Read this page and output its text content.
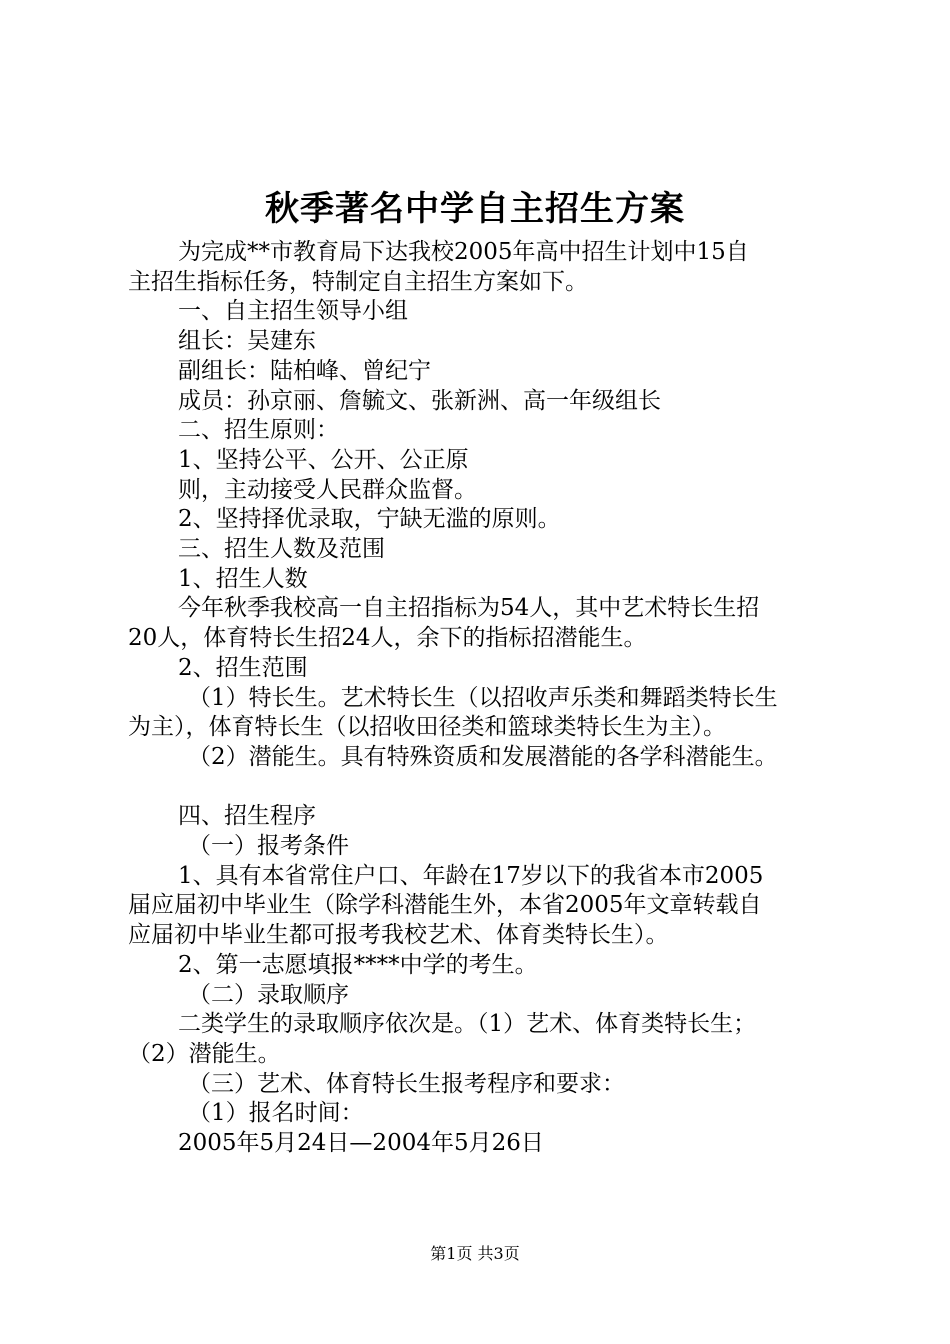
秋季著名中学自主招生方案

为完成**市教育局下达我校2005年高中招生计划中15自

主招生指标任务，特制定自主招生方案如下。

一、自主招生领导小组

组长：吴建东

副组长：陆柏峰、曾纪宁

成员：孙京丽、詹毓文、张新洲、高一年级组长

二、招生原则：

1、坚持公平、公开、公正原

则，主动接受人民群众监督。

2、坚持择优录取，宁缺无滥的原则。

三、招生人数及范围

1、招生人数

今年秋季我校高一自主招指标为54人，其中艺术特长生招

20人，体育特长生招24人，余下的指标招潜能生。

2、招生范围

（1）特长生。艺术特长生（以招收声乐类和舞蹈类特长生

为主），体育特长生（以招收田径类和篮球类特长生为主）。

（2）潜能生。具有特殊资质和发展潜能的各学科潜能生。

四、招生程序

（一）报考条件

1、具有本省常住户口、年龄在17岁以下的我省本市2005

届应届初中毕业生（除学科潜能生外，本省2005年文章转载自

应届初中毕业生都可报考我校艺术、体育类特长生）。

2、第一志愿填报****中学的考生。

（二）录取顺序

二类学生的录取顺序依次是。（1）艺术、体育类特长生；

（2）潜能生。

（三）艺术、体育特长生报考程序和要求：

（1）报名时间：

2005年5月24日—2004年5月26日

第1页 共3页
